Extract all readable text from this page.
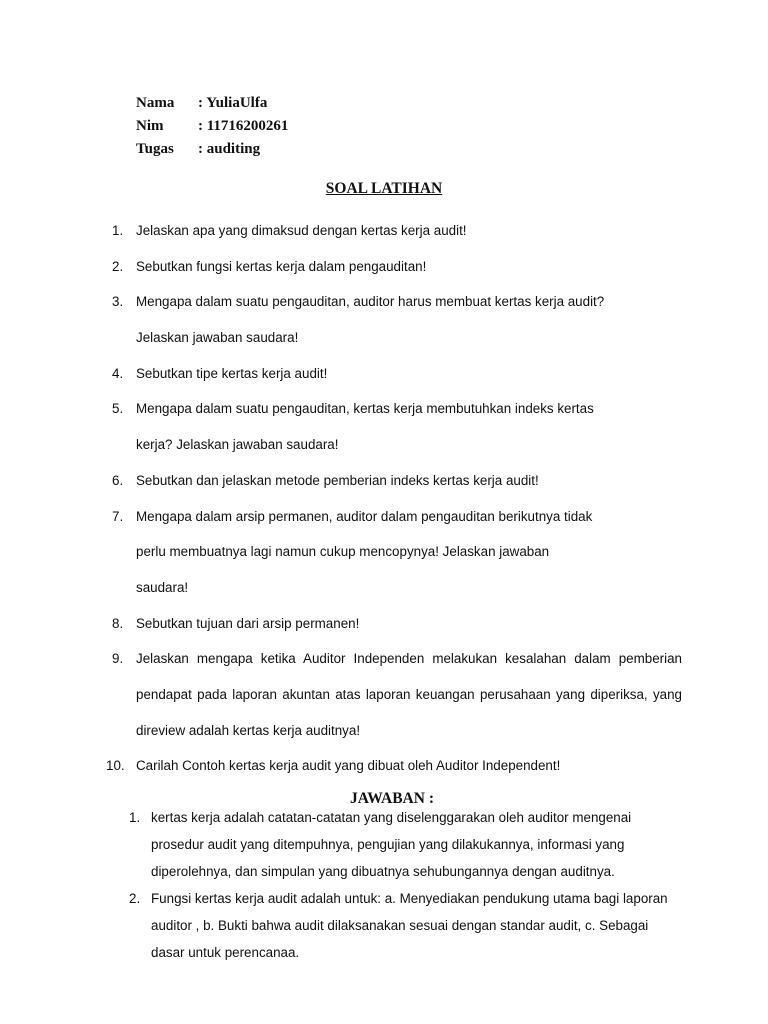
Nama : YuliaUlfa
Nim : 11716200261
Tugas : auditing
SOAL LATIHAN
1. Jelaskan apa yang dimaksud dengan kertas kerja audit!
2. Sebutkan fungsi kertas kerja dalam pengauditan!
3. Mengapa dalam suatu pengauditan, auditor harus membuat kertas kerja audit?
Jelaskan jawaban saudara!
4. Sebutkan tipe kertas kerja audit!
5. Mengapa dalam suatu pengauditan, kertas kerja membutuhkan indeks kertas
kerja? Jelaskan jawaban saudara!
6. Sebutkan dan jelaskan metode pemberian indeks kertas kerja audit!
7. Mengapa dalam arsip permanen, auditor dalam pengauditan berikutnya tidak
perlu membuatnya lagi namun cukup mencopynya! Jelaskan jawaban
saudara!
8. Sebutkan tujuan dari arsip permanen!
9. Jelaskan mengapa ketika Auditor Independen melakukan kesalahan dalam pemberian
pendapat pada laporan akuntan atas laporan keuangan perusahaan yang diperiksa, yang
direview adalah kertas kerja auditnya!
10. Carilah Contoh kertas kerja audit yang dibuat oleh Auditor Independent!
JAWABAN :
1. kertas kerja adalah catatan-catatan yang diselenggarakan oleh auditor mengenai
prosedur audit yang ditempuhnya, pengujian yang dilakukannya, informasi yang
diperolehnya, dan simpulan yang dibuatnya sehubungannya dengan auditnya.
2. Fungsi kertas kerja audit adalah untuk: a. Menyediakan pendukung utama bagi laporan
auditor , b. Bukti bahwa audit dilaksanakan sesuai dengan standar audit, c. Sebagai
dasar untuk perencanaa.
